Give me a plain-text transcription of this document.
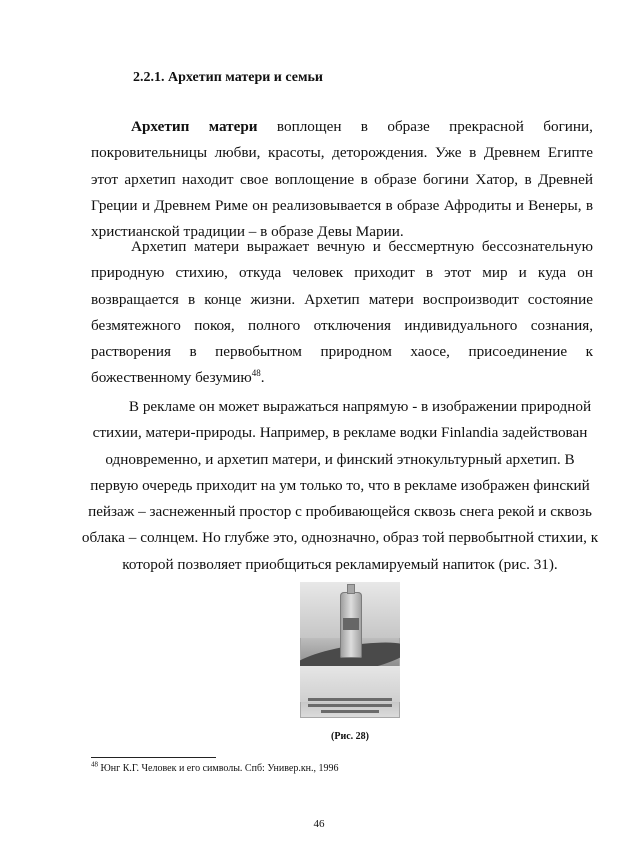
2.2.1. Архетип матери и семьи

Архетип матери воплощен в образе прекрасной богини, покровительницы любви, красоты, деторождения. Уже в Древнем Египте этот архетип находит свое воплощение в образе богини Хатор, в Древней Греции и Древнем Риме он реализовывается в образе Афродиты и Венеры, в христианской традиции – в образе Девы Марии.

Архетип матери выражает вечную и бессмертную бессознательную природную стихию, откуда человек приходит в этот мир и куда он возвращается в конце жизни. Архетип матери воспроизводит состояние безмятежного покоя, полного отключения индивидуального сознания, растворения в первобытном природном хаосе, присоединение к божественному безумию$^{48}$.

В рекламе он может выражаться напрямую - в изображении природной стихии, матери-природы. Например, в рекламе водки Finlandia задействован одновременно, и архетип матери, и финский этнокультурный архетип. В первую очередь приходит на ум только то, что в рекламе изображен финский пейзаж – заснеженный простор с пробивающейся сквозь снега рекой и сквозь облака – солнцем. Но глубже это, однозначно, образ той первобытной стихии, к которой позволяет приобщиться рекламируемый напиток (рис. 31).

(Рис. 28)
$^{48}$ Юнг К.Г. Человек и его символы. Спб: Универ.кн., 1996
46
